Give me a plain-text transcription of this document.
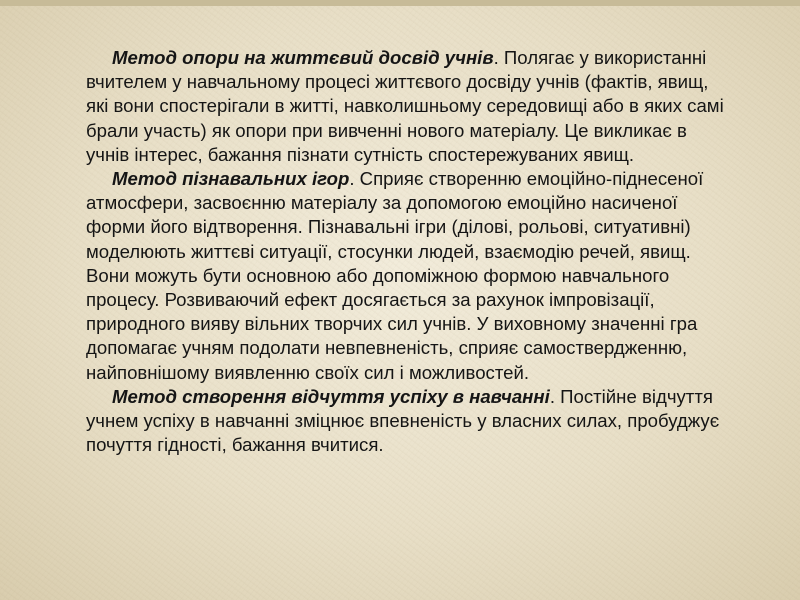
Метод опори на життєвий досвід учнів. Полягає у використанні вчителем у навчальному процесі життєвого досвіду учнів (фактів, явищ, які вони спостерігали в житті, навколишньому середовищі або в яких самі брали участь) як опори при вивченні нового матеріалу. Це викликає в учнів інтерес, бажання пізнати сутність спостережуваних явищ.

Метод пізнавальних ігор. Сприяє створенню емоційно-піднесеної атмосфери, засвоєнню матеріалу за допомогою емоційно насиченої форми його відтворення. Пізнавальні ігри (ділові, рольові, ситуативні) моделюють життєві ситуації, стосунки людей, взаємодію речей, явищ. Вони можуть бути основною або допоміжною формою навчального процесу. Розвиваючий ефект досягається за рахунок імпровізації, природного вияву вільних творчих сил учнів. У виховному значенні гра допомагає учням подолати невпевненість, сприяє самоствердженню, найповнішому виявленню своїх сил і можливостей.

Метод створення відчуття успіху в навчанні. Постійне відчуття учнем успіху в навчанні зміцнює впевненість у власних силах, пробуджує почуття гідності, бажання вчитися.
